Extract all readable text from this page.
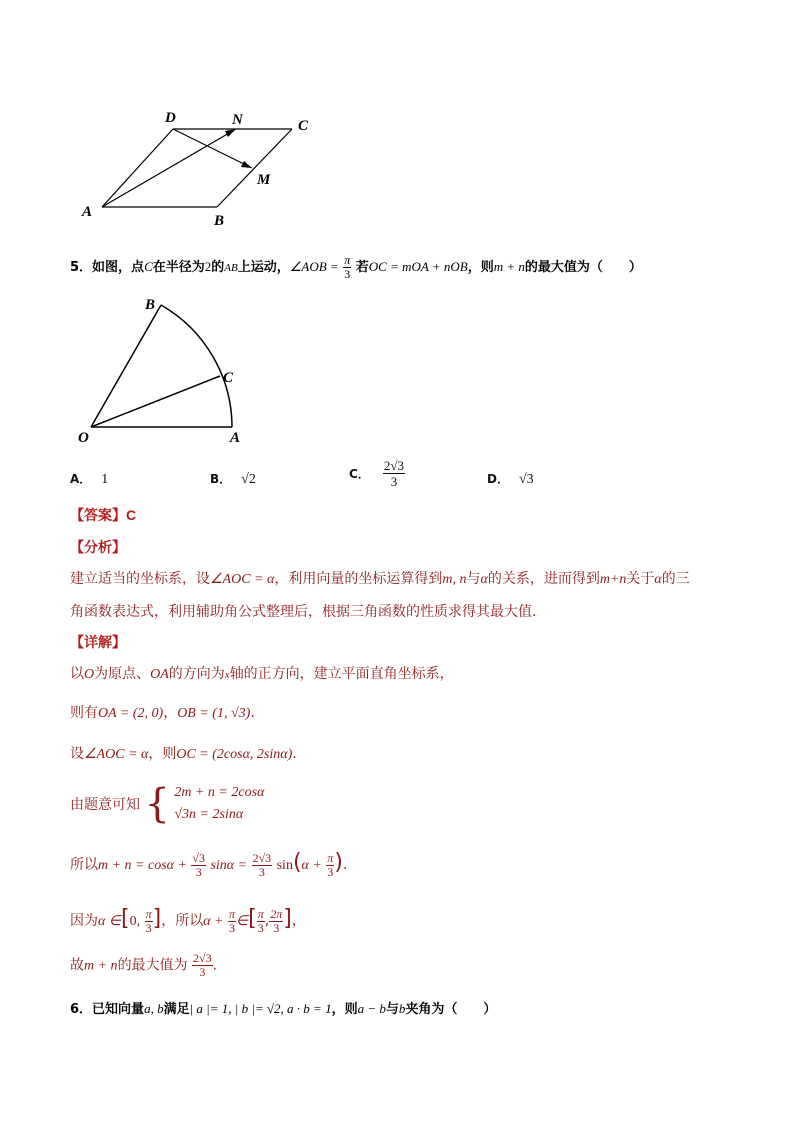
D	N	C
M
A
B
5．如图，点C在半径为2的AB上运动，∠AOB = $\frac{\pi}{3}$ 若OC = mOA + nOB，则m + n的最大值为（　　）
B
C
O	A
A． 1	B． √2	C． $\frac{2√3}{3}$	D． √3
【答案】C
【分析】
建立适当的坐标系，设∠AOC = α，利用向量的坐标运算得到m, n与α的关系，进而得到m+n关于α的三
角函数表达式，利用辅助角公式整理后，根据三角函数的性质求得其最大值.
【详解】
以O为原点、OA的方向为x轴的正方向，建立平面直角坐标系，
则有OA = (2, 0)，OB = (1, √3).
设∠AOC = α，则OC = (2cosα, 2sinα).
由题意可知 { 2m + n = 2cosα
√3n = 2sinα
所以$m + n = \cos\alpha + \frac{√3}{3}$ $\sin\alpha = \frac{2√3}{3} \sin(\alpha + \frac{\pi}{3}$ ).
因为α ∈[0, $\frac{\pi}{3}$ ]，所以$\alpha + \frac{\pi}{3}$ ∈[ $\frac{\pi}{3}$ , $\frac{2\pi}{3}$ ]，
故m + n的最大值为 $\frac{2√3}{3}$ .
6．已知向量a, b满足| a |= 1, | b |= √2, a · b = 1，则a − b与b夹角为（　　）
